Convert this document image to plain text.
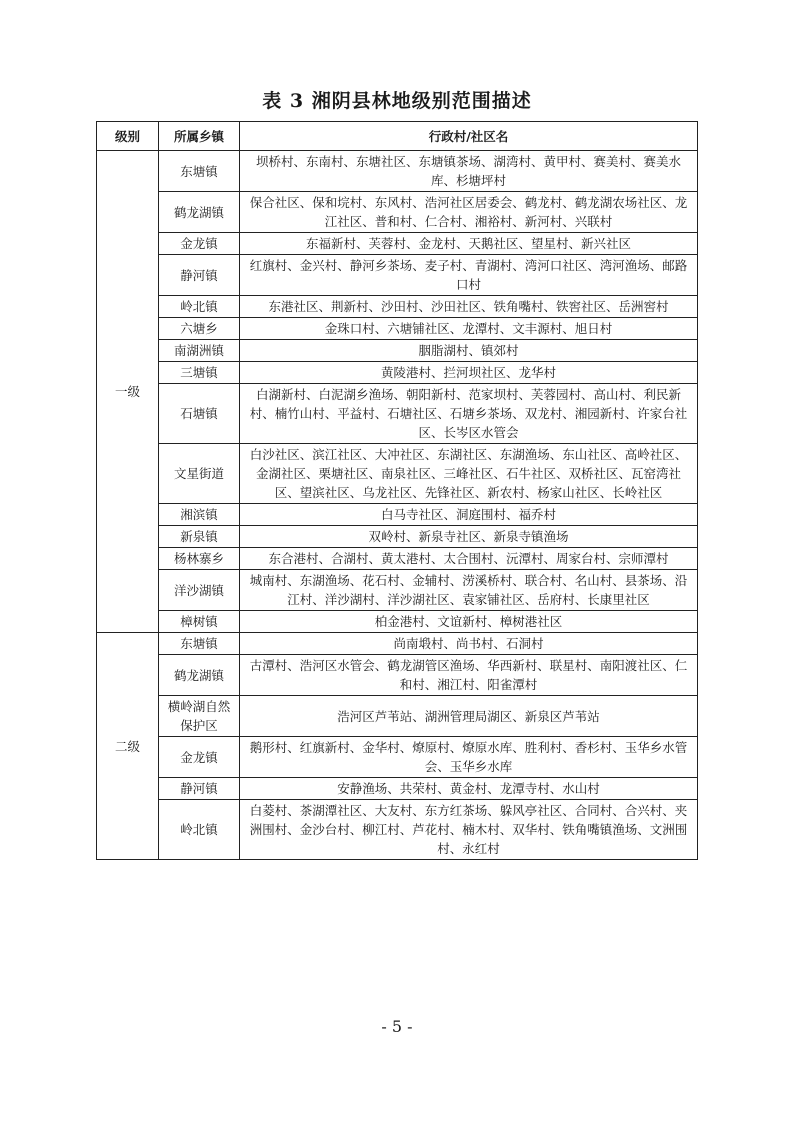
表 3 湘阴县林地级别范围描述
级别	所属乡镇	行政村/社区名
一级	东塘镇	坝桥村、东南村、东塘社区、东塘镇茶场、湖湾村、黄甲村、赛美村、赛美水库、杉塘坪村
	鹤龙湖镇	保合社区、保和垸村、东风村、浩河社区居委会、鹤龙村、鹤龙湖农场社区、龙江社区、普和村、仁合村、湘裕村、新河村、兴联村
	金龙镇	东福新村、芙蓉村、金龙村、天鹅社区、望星村、新兴社区
	静河镇	红旗村、金兴村、静河乡茶场、麦子村、青湖村、湾河口社区、湾河渔场、邮路口村
	岭北镇	东港社区、荆新村、沙田村、沙田社区、铁角嘴村、铁窖社区、岳洲窖村
	六塘乡	金珠口村、六塘铺社区、龙潭村、文丰源村、旭日村
	南湖洲镇	胭脂湖村、镇郊村
	三塘镇	黄陵港村、拦河坝社区、龙华村
	石塘镇	白湖新村、白泥湖乡渔场、朝阳新村、范家坝村、芙蓉园村、高山村、利民新村、楠竹山村、平益村、石塘社区、石塘乡茶场、双龙村、湘园新村、许家台社区、长岑区水管会
	文星街道	白沙社区、滨江社区、大冲社区、东湖社区、东湖渔场、东山社区、高岭社区、金湖社区、栗塘社区、南泉社区、三峰社区、石牛社区、双桥社区、瓦窑湾社区、望滨社区、乌龙社区、先锋社区、新农村、杨家山社区、长岭社区
	湘滨镇	白马寺社区、洞庭围村、福乔村
	新泉镇	双岭村、新泉寺社区、新泉寺镇渔场
	杨林寨乡	东合港村、合湖村、黄太港村、太合围村、沅潭村、周家台村、宗师潭村
	洋沙湖镇	城南村、东湖渔场、花石村、金辅村、涝溪桥村、联合村、名山村、县茶场、沿江村、洋沙湖村、洋沙湖社区、袁家铺社区、岳府村、长康里社区
	樟树镇	柏金港村、文谊新村、樟树港社区
二级	东塘镇	尚南塅村、尚书村、石洞村
	鹤龙湖镇	古潭村、浩河区水管会、鹤龙湖管区渔场、华西新村、联星村、南阳渡社区、仁和村、湘江村、阳雀潭村
	横岭湖自然保护区	浩河区芦苇站、湖洲管理局湖区、新泉区芦苇站
	金龙镇	鹅形村、红旗新村、金华村、燎原村、燎原水库、胜利村、香杉村、玉华乡水管会、玉华乡水库
	静河镇	安静渔场、共荣村、黄金村、龙潭寺村、水山村
	岭北镇	白菱村、茶湖潭社区、大友村、东方红茶场、躲风亭社区、合同村、合兴村、夹洲围村、金沙台村、柳江村、芦花村、楠木村、双华村、铁角嘴镇渔场、文洲围村、永红村
- 5 -
